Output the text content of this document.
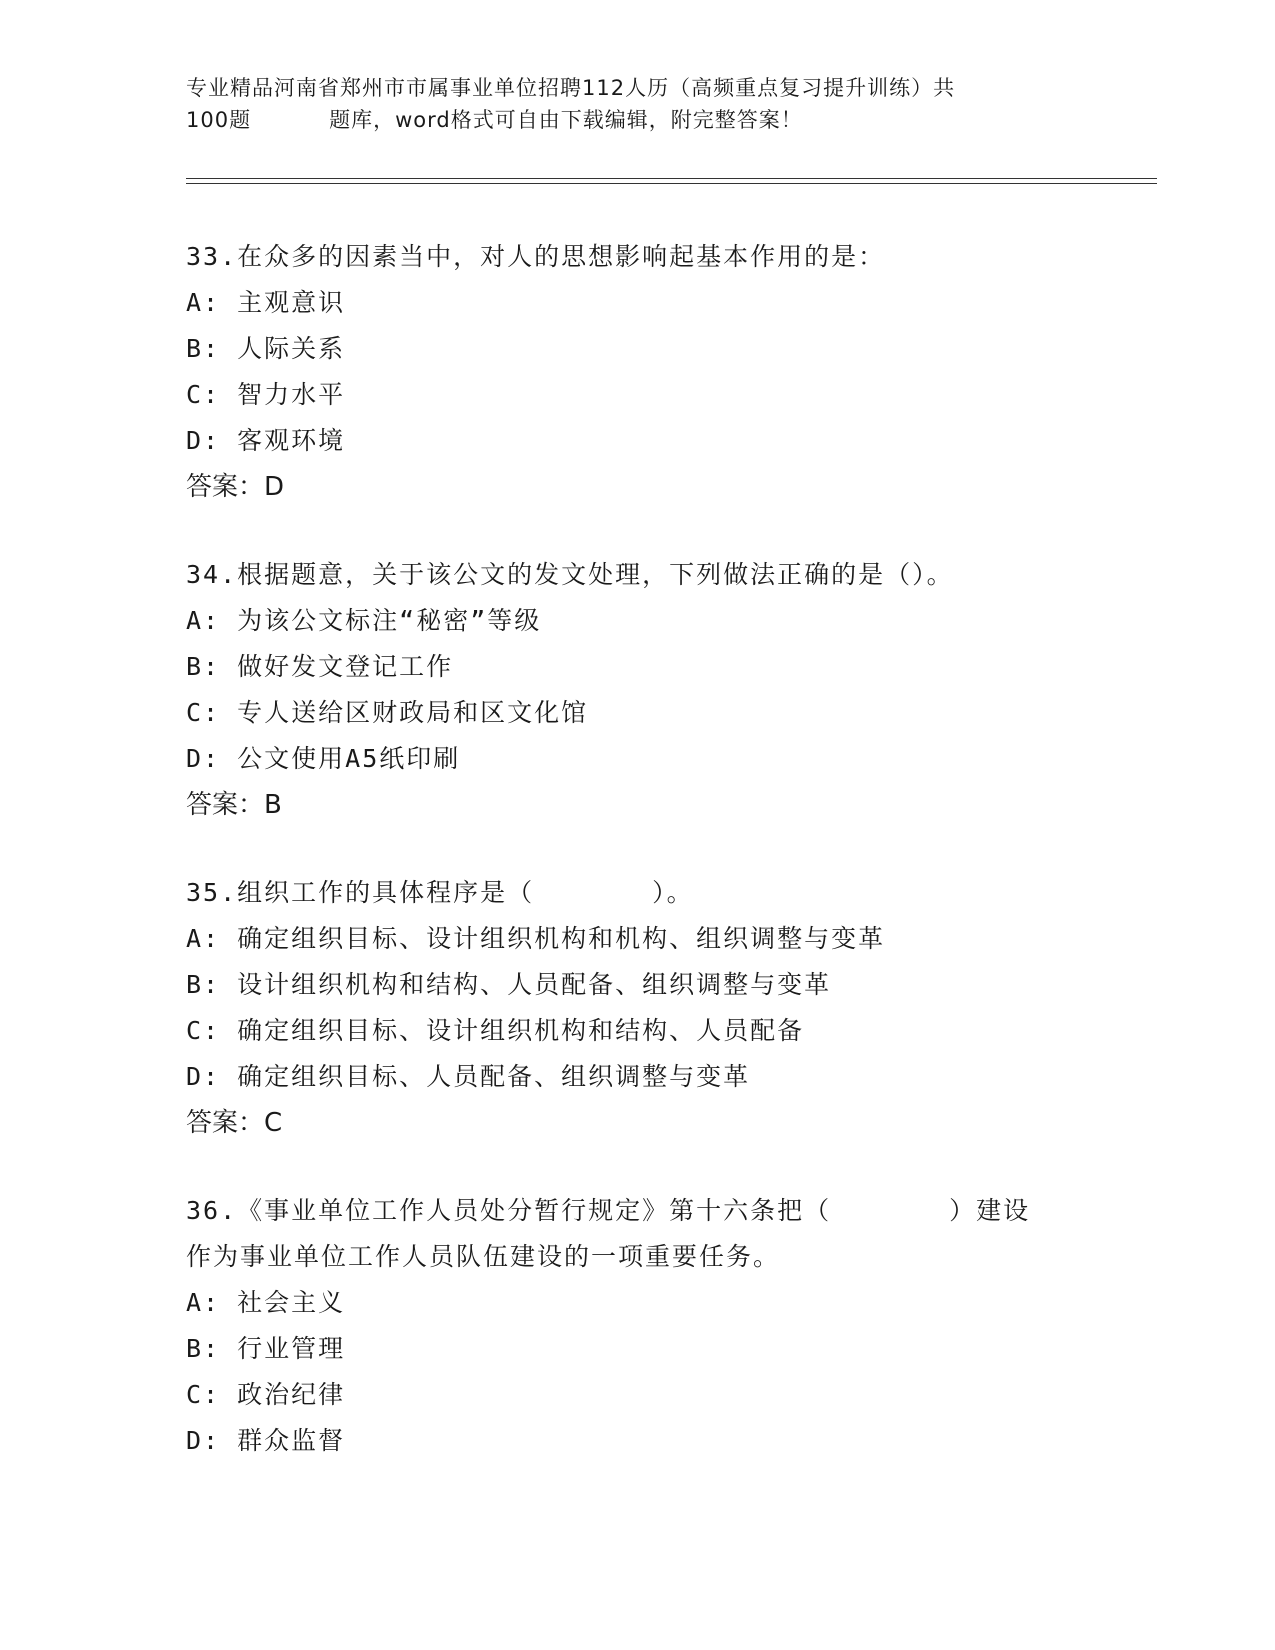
专业精品河南省郑州市市属事业单位招聘112人历（高频重点复习提升训练）共
100题	题库，word格式可自由下载编辑，附完整答案！
33.在众多的因素当中，对人的思想影响起基本作用的是：
A: 主观意识
B: 人际关系
C: 智力水平
D: 客观环境
答案：D
34.根据题意，关于该公文的发文处理，下列做法正确的是（）。
A: 为该公文标注“秘密”等级
B: 做好发文登记工作
C: 专人送给区财政局和区文化馆
D: 公文使用A5纸印刷
答案：B
35.组织工作的具体程序是（	）。
A: 确定组织目标、设计组织机构和机构、组织调整与变革
B: 设计组织机构和结构、人员配备、组织调整与变革
C: 确定组织目标、设计组织机构和结构、人员配备
D: 确定组织目标、人员配备、组织调整与变革
答案：C
36.《事业单位工作人员处分暂行规定》第十六条把（	）建设
作为事业单位工作人员队伍建设的一项重要任务。
A: 社会主义
B: 行业管理
C: 政治纪律
D: 群众监督
